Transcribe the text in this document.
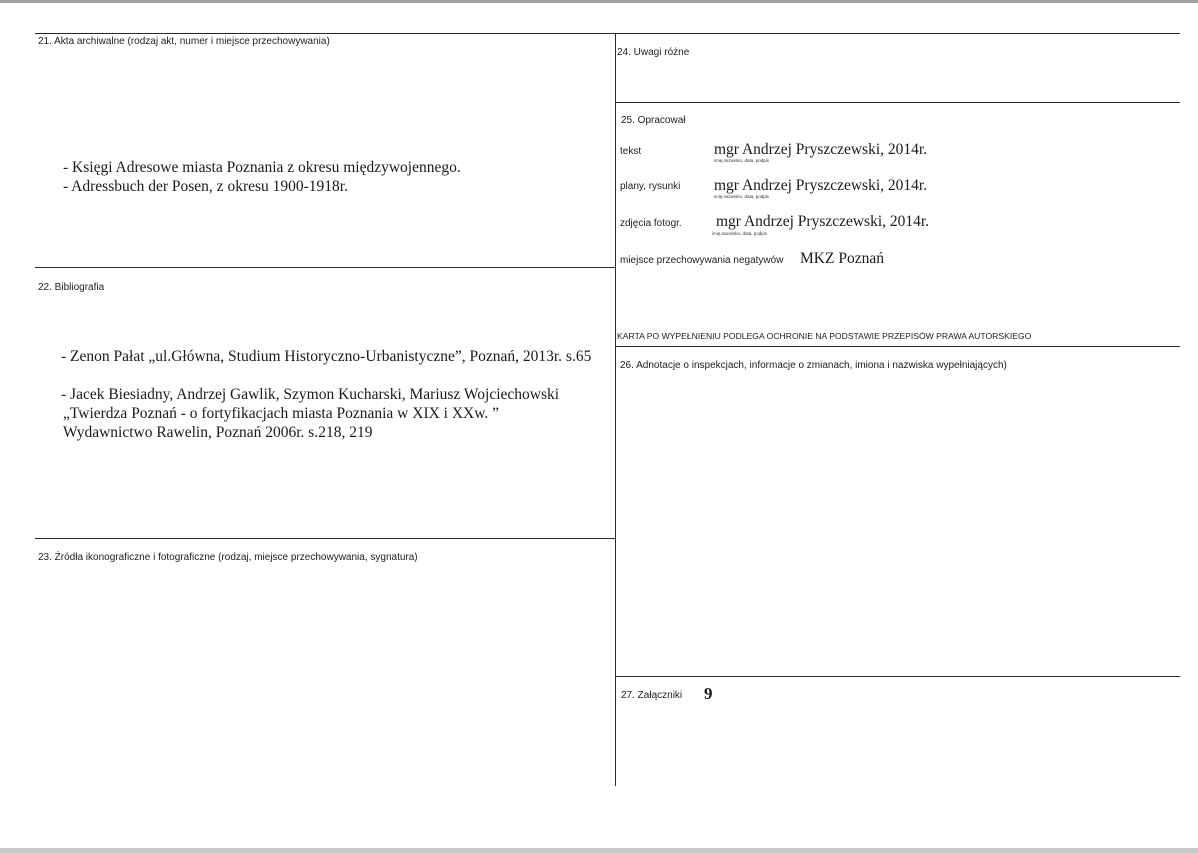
21. Akta archiwalne (rodzaj akt, numer i miejsce przechowywania)
- Księgi Adresowe miasta Poznania z okresu międzywojennego.
- Adressbuch der Posen, z okresu 1900-1918r.
22. Bibliografia
- Zenon Pałat „ul.Główna, Studium Historyczno-Urbanistyczne”, Poznań, 2013r. s.65
- Jacek Biesiadny, Andrzej Gawlik, Szymon Kucharski, Mariusz Wojciechowski
„Twierdza Poznań - o fortyfikacjach miasta Poznania w XIX i XXw. ”
Wydawnictwo Rawelin, Poznań 2006r. s.218, 219
23. Źródła ikonograficzne i fotograficzne (rodzaj, miejsce przechowywania, sygnatura)
24. Uwagi różne
25. Opracował
tekst	mgr Andrzej Pryszczewski, 2014r.
imię,nazwisko, data, podpis
plany, rysunki mgr Andrzej Pryszczewski, 2014r.
imię,nazwisko, data, podpis
zdjęcia fotogr. mgr Andrzej Pryszczewski, 2014r.
imię,nazwisko, data, podpis
miejsce przechowywania negatywów MKZ Poznań
KARTA PO WYPEŁNIENIU PODLEGA OCHRONIE NA PODSTAWIE PRZEPISÓW PRAWA AUTORSKIEGO
26. Adnotacje o inspekcjach, informacje o zmianach, imiona i nazwiska wypełniających)
27. Załączniki 9
